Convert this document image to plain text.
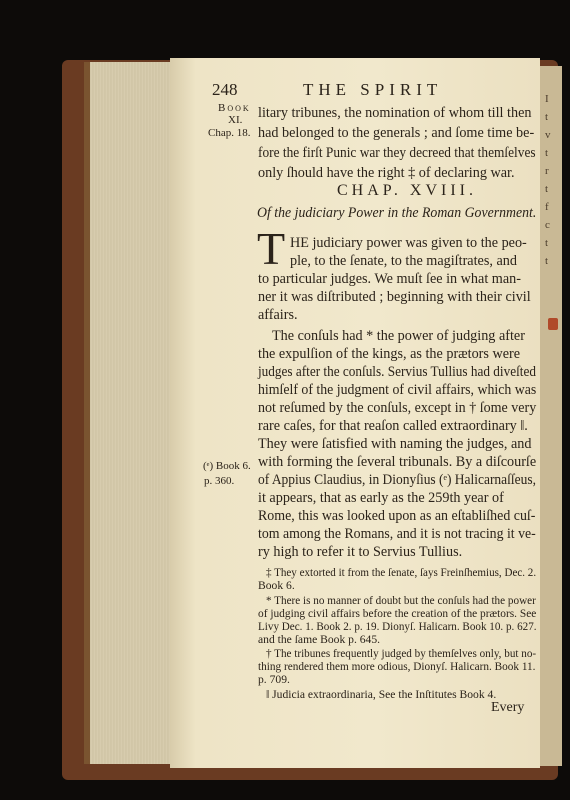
I
t
v
t
r
t
f
c
t
t
248	THE SPIRIT
Book
XI.
Chap. 18.
(ᵉ) Book 6.
p. 360.
litary tribunes, the nomination of whom till then
had belonged to the generals ; and ſome time be-
fore the firſt Punic war they decreed that themſelves
only ſhould have the right ‡ of declaring war.
CHAP. XVIII.
Of the judiciary Power in the Roman Government.
T HE judiciary power was given to the peo-
ple, to the ſenate, to the magiſtrates, and
to particular judges. We muſt ſee in what man-
ner it was diſtributed ; beginning with their civil
affairs.
The conſuls had * the power of judging after
the expulſion of the kings, as the prætors were
judges after the conſuls. Servius Tullius had diveſted
himſelf of the judgment of civil affairs, which was
not reſumed by the conſuls, except in † ſome very
rare caſes, for that reaſon called extraordinary ‖.
They were ſatisfied with naming the judges, and
with forming the ſeveral tribunals. By a diſcourſe
of Appius Claudius, in Dionyſius (ᵉ) Halicarnaſſeus,
it appears, that as early as the 259th year of
Rome, this was looked upon as an eſtabliſhed cuſ-
tom among the Romans, and it is not tracing it ve-
ry high to refer it to Servius Tullius.
‡ They extorted it from the ſenate, ſays Freinſhemius, Dec. 2.
Book 6.
* There is no manner of doubt but the conſuls had the power
of judging civil affairs before the creation of the prætors. See
Livy Dec. 1. Book 2. p. 19. Dionyſ. Halicarn. Book 10. p. 627.
and the ſame Book p. 645.
† The tribunes frequently judged by themſelves only, but no-
thing rendered them more odious, Dionyſ. Halicarn. Book 11.
p. 709.
‖ Judicia extraordinaria, See the Inſtitutes Book 4.
Every
